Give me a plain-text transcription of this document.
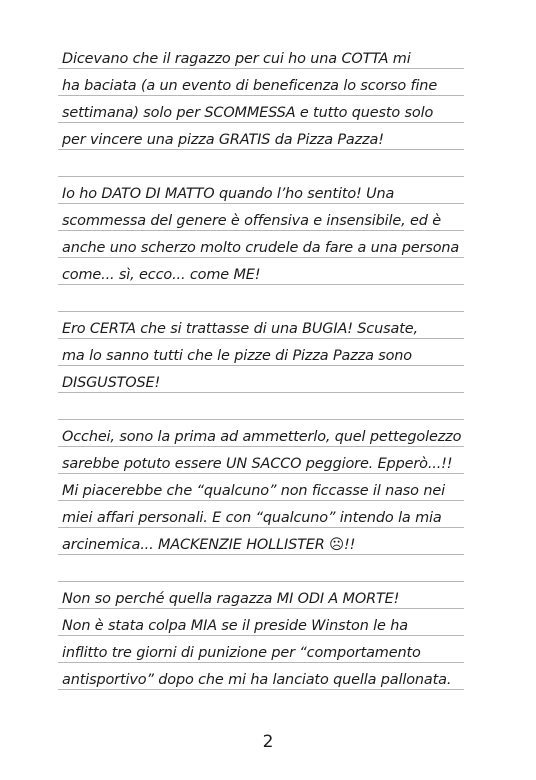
Dicevano che il ragazzo per cui ho una COTTA mi
ha baciata (a un evento di beneficenza lo scorso fine
settimana) solo per SCOMMESSA e tutto questo solo
per vincere una pizza GRATIS da Pizza Pazza!
Io ho DATO DI MATTO quando l’ho sentito! Una
scommessa del genere è offensiva e insensibile, ed è
anche uno scherzo molto crudele da fare a una persona
come... sì, ecco... come ME!
Ero CERTA che si trattasse di una BUGIA! Scusate,
ma lo sanno tutti che le pizze di Pizza Pazza sono
DISGUSTOSE!
Occhei, sono la prima ad ammetterlo, quel pettegolezzo
sarebbe potuto essere UN SACCO peggiore. Epperò...!!
Mi piacerebbe che “qualcuno” non ficcasse il naso nei
miei affari personali. E con “qualcuno” intendo la mia
arcinemica... MACKENZIE HOLLISTER ☹!!
Non so perché quella ragazza MI ODI A MORTE!
Non è stata colpa MIA se il preside Winston le ha
inflitto tre giorni di punizione per “comportamento
antisportivo” dopo che mi ha lanciato quella pallonata.
2
